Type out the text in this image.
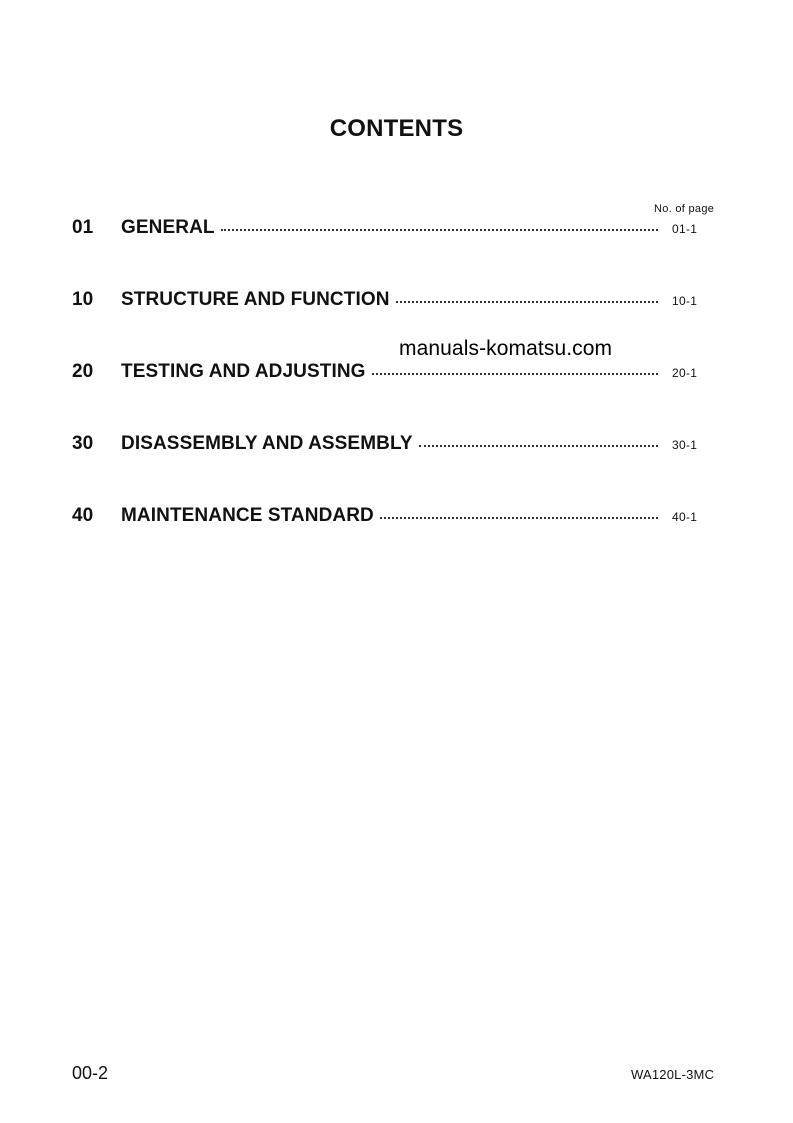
CONTENTS
No. of page
01	GENERAL	01-1
10	STRUCTURE AND FUNCTION	10-1
20	TESTING AND ADJUSTING	20-1
30	DISASSEMBLY AND ASSEMBLY	30-1
40	MAINTENANCE STANDARD	40-1
manuals-komatsu.com
00-2	WA120L-3MC
